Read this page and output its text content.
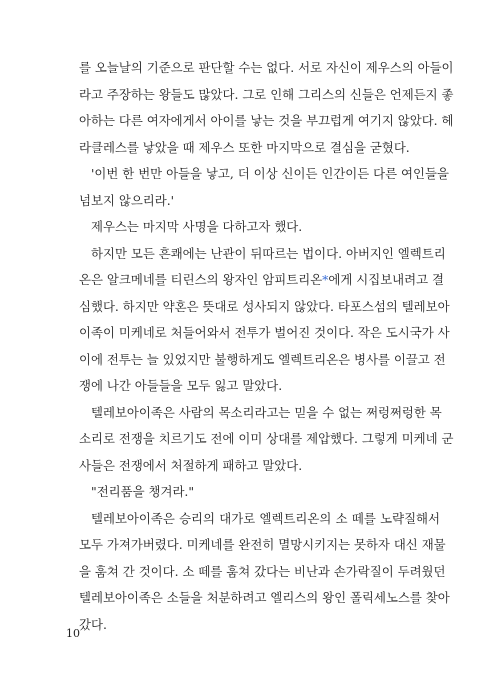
를 오늘날의 기준으로 판단할 수는 없다. 서로 자신이 제우스의 아들이
라고 주장하는 왕들도 많았다. 그로 인해 그리스의 신들은 언제든지 좋
아하는 다른 여자에게서 아이를 낳는 것을 부끄럽게 여기지 않았다. 헤
라클레스를 낳았을 때 제우스 또한 마지막으로 결심을 굳혔다.
'이번 한 번만 아들을 낳고, 더 이상 신이든 인간이든 다른 여인들을
넘보지 않으리라.'
제우스는 마지막 사명을 다하고자 했다.
하지만 모든 흔쾌에는 난관이 뒤따르는 법이다. 아버지인 엘렉트리
온은 알크메네를 티린스의 왕자인 암피트리온*에게 시집보내려고 결
심했다. 하지만 약혼은 뜻대로 성사되지 않았다. 타포스섬의 텔레보아
이족이 미케네로 처들어와서 전투가 벌어진 것이다. 작은 도시국가 사
이에 전투는 늘 있었지만 불행하게도 엘렉트리온은 병사를 이끌고 전
쟁에 나간 아들들을 모두 잃고 말았다.
텔레보아이족은 사람의 목소리라고는 믿을 수 없는 쩌렁쩌렁한 목
소리로 전쟁을 치르기도 전에 이미 상대를 제압했다. 그렇게 미케네 군
사들은 전쟁에서 처절하게 패하고 말았다.
"전리품을 챙겨라."
텔레보아이족은 승리의 대가로 엘렉트리온의 소 떼를 노략질해서
모두 가져가버렸다. 미케네를 완전히 멸망시키지는 못하자 대신 재물
을 훔쳐 간 것이다. 소 떼를 훔쳐 갔다는 비난과 손가락질이 두려웠던
텔레보아이족은 소들을 처분하려고 엘리스의 왕인 폴릭세노스를 찾아
갔다.
10
